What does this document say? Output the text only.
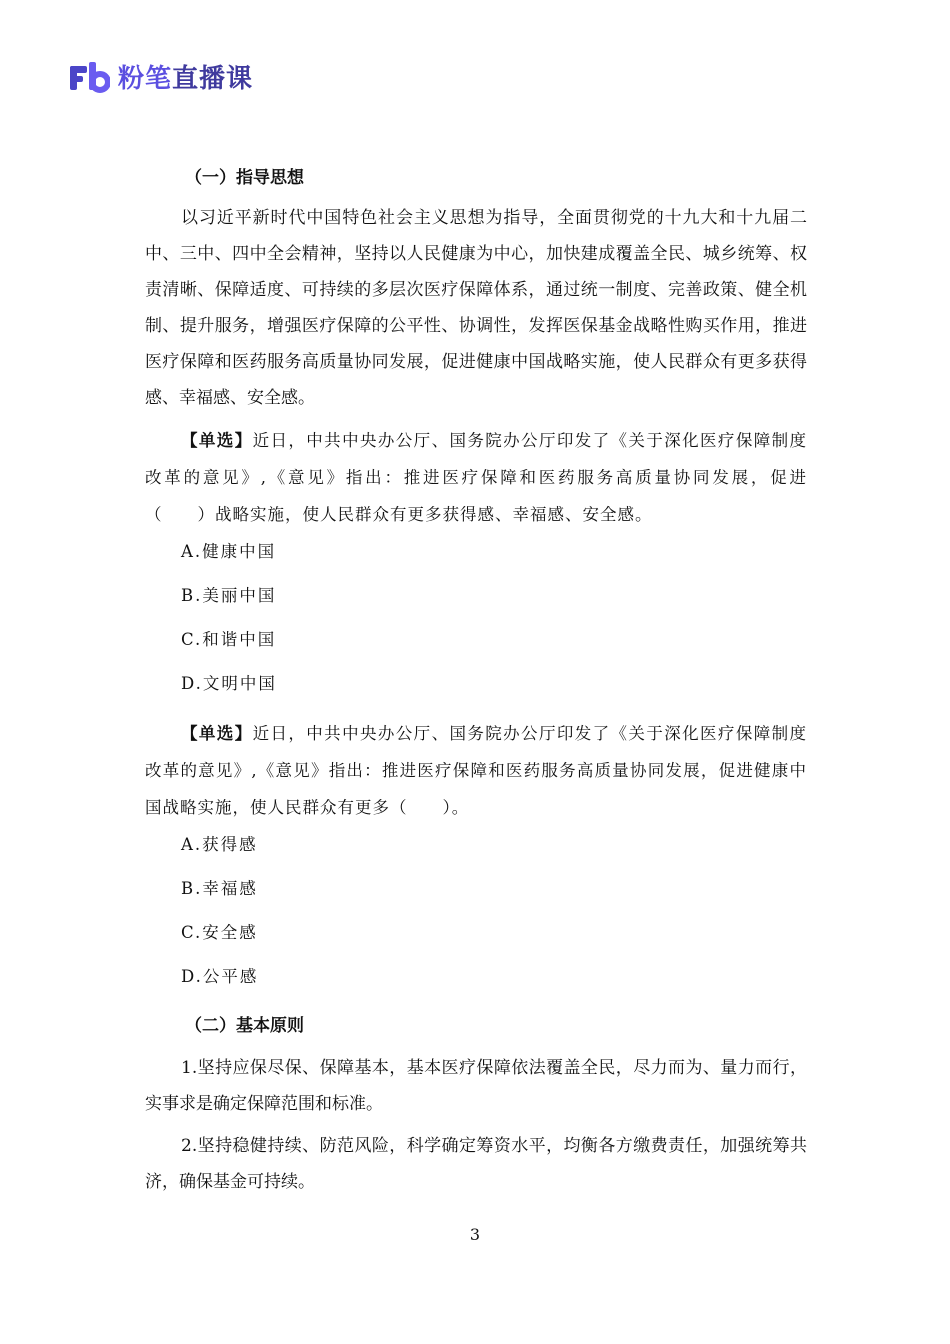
粉笔直播课

（一）指导思想

以习近平新时代中国特色社会主义思想为指导，全面贯彻党的十九大和十九届二中、三中、四中全会精神，坚持以人民健康为中心，加快建成覆盖全民、城乡统筹、权责清晰、保障适度、可持续的多层次医疗保障体系，通过统一制度、完善政策、健全机制、提升服务，增强医疗保障的公平性、协调性，发挥医保基金战略性购买作用，推进医疗保障和医药服务高质量协同发展，促进健康中国战略实施，使人民群众有更多获得感、幸福感、安全感。

【单选】近日，中共中央办公厅、国务院办公厅印发了《关于深化医疗保障制度改革的意见》,《意见》指出：推进医疗保障和医药服务高质量协同发展，促进（　　）战略实施，使人民群众有更多获得感、幸福感、安全感。

A.健康中国

B.美丽中国

C.和谐中国

D.文明中国

【单选】近日，中共中央办公厅、国务院办公厅印发了《关于深化医疗保障制度改革的意见》,《意见》指出：推进医疗保障和医药服务高质量协同发展，促进健康中国战略实施，使人民群众有更多（　　）。

A.获得感

B.幸福感

C.安全感

D.公平感

（二）基本原则

1.坚持应保尽保、保障基本，基本医疗保障依法覆盖全民，尽力而为、量力而行，实事求是确定保障范围和标准。

2.坚持稳健持续、防范风险，科学确定筹资水平，均衡各方缴费责任，加强统筹共济，确保基金可持续。

3
